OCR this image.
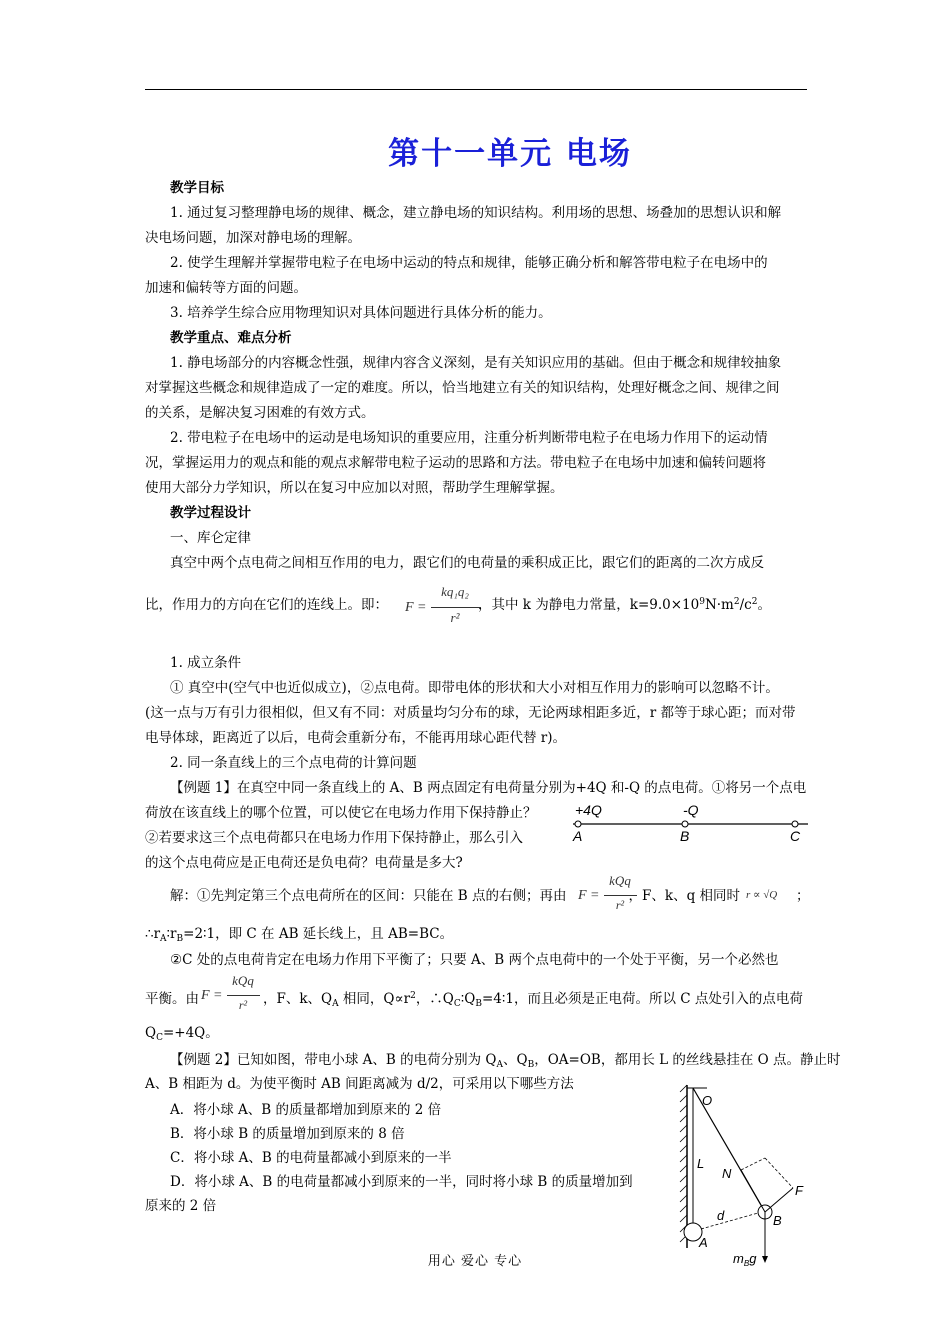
第十一单元 电场
教学目标
1. 通过复习整理静电场的规律、概念，建立静电场的知识结构。利用场的思想、场叠加的思想认识和解
决电场问题，加深对静电场的理解。
2. 使学生理解并掌握带电粒子在电场中运动的特点和规律，能够正确分析和解答带电粒子在电场中的
加速和偏转等方面的问题。
3. 培养学生综合应用物理知识对具体问题进行具体分析的能力。
教学重点、难点分析
1. 静电场部分的内容概念性强，规律内容含义深刻，是有关知识应用的基础。但由于概念和规律较抽象
对掌握这些概念和规律造成了一定的难度。所以，恰当地建立有关的知识结构，处理好概念之间、规律之间
的关系，是解决复习困难的有效方式。
2. 带电粒子在电场中的运动是电场知识的重要应用，注重分析判断带电粒子在电场力作用下的运动情
况，掌握运用力的观点和能的观点求解带电粒子运动的思路和方法。带电粒子在电场中加速和偏转问题将
使用大部分力学知识，所以在复习中应加以对照，帮助学生理解掌握。
教学过程设计
一、库仑定律
真空中两个点电荷之间相互作用的电力，跟它们的电荷量的乘积成正比，跟它们的距离的二次方成反
比，作用力的方向在它们的连线上。即：	，其中 k 为静电力常量，$k=9.0\times 10^9N\cdot m^2/c^2$。
F =
kq₁q₂
r²
1. 成立条件
① 真空中(空气中也近似成立)，②点电荷。即带电体的形状和大小对相互作用力的影响可以忽略不计。
(这一点与万有引力很相似，但又有不同：对质量均匀分布的球，无论两球相距多近，r 都等于球心距；而对带
电导体球，距离近了以后，电荷会重新分布，不能再用球心距代替 r)。
2. 同一条直线上的三个点电荷的计算问题
【例题 1】在真空中同一条直线上的 A、B 两点固定有电荷量分别为+4Q 和-Q 的点电荷。①将另一个点电
荷放在该直线上的哪个位置，可以使它在电场力作用下保持静止？
②若要求这三个点电荷都只在电场力作用下保持静止，那么引入
的这个点电荷应是正电荷还是负电荷？电荷量是多大?
+4Q	-Q
A	B	C
解：①先判定第三个点电荷所在的区间：只能在 B 点的右侧；再由	，F、k、q 相同时	；
F =
kQq
r²
r ∝ √Q
$\therefore r_A∶r_B=2∶1$，即 C 在 AB 延长线上，且 AB=BC。
②C 处的点电荷肯定在电场力作用下平衡了；只要 A、B 两个点电荷中的一个处于平衡，另一个必然也
平衡。由	，F、k、$Q_A$ 相同，$Q\propto r^2$，$\therefore Q_C∶Q_B=4∶1$，而且必须是正电荷。所以 C 点处引入的点电荷
F =
kQq
r²
$Q_C=+4Q$。
【例题 2】已知如图，带电小球 A、B 的电荷分别为 $Q_A$、$Q_B$，OA=OB，都用长 L 的丝线悬挂在 O 点。静止时
A、B 相距为 d。为使平衡时 AB 间距离减为 d/2，可采用以下哪些方法
A．将小球 A、B 的质量都增加到原来的 2 倍
B．将小球 B 的质量增加到原来的 8 倍
C．将小球 A、B 的电荷量都减小到原来的一半
D．将小球 A、B 的电荷量都减小到原来的一半，同时将小球 B 的质量增加到
原来的 2 倍
O
L
N
F
d
A
B
$m_Bg$
用心 爱心 专心
